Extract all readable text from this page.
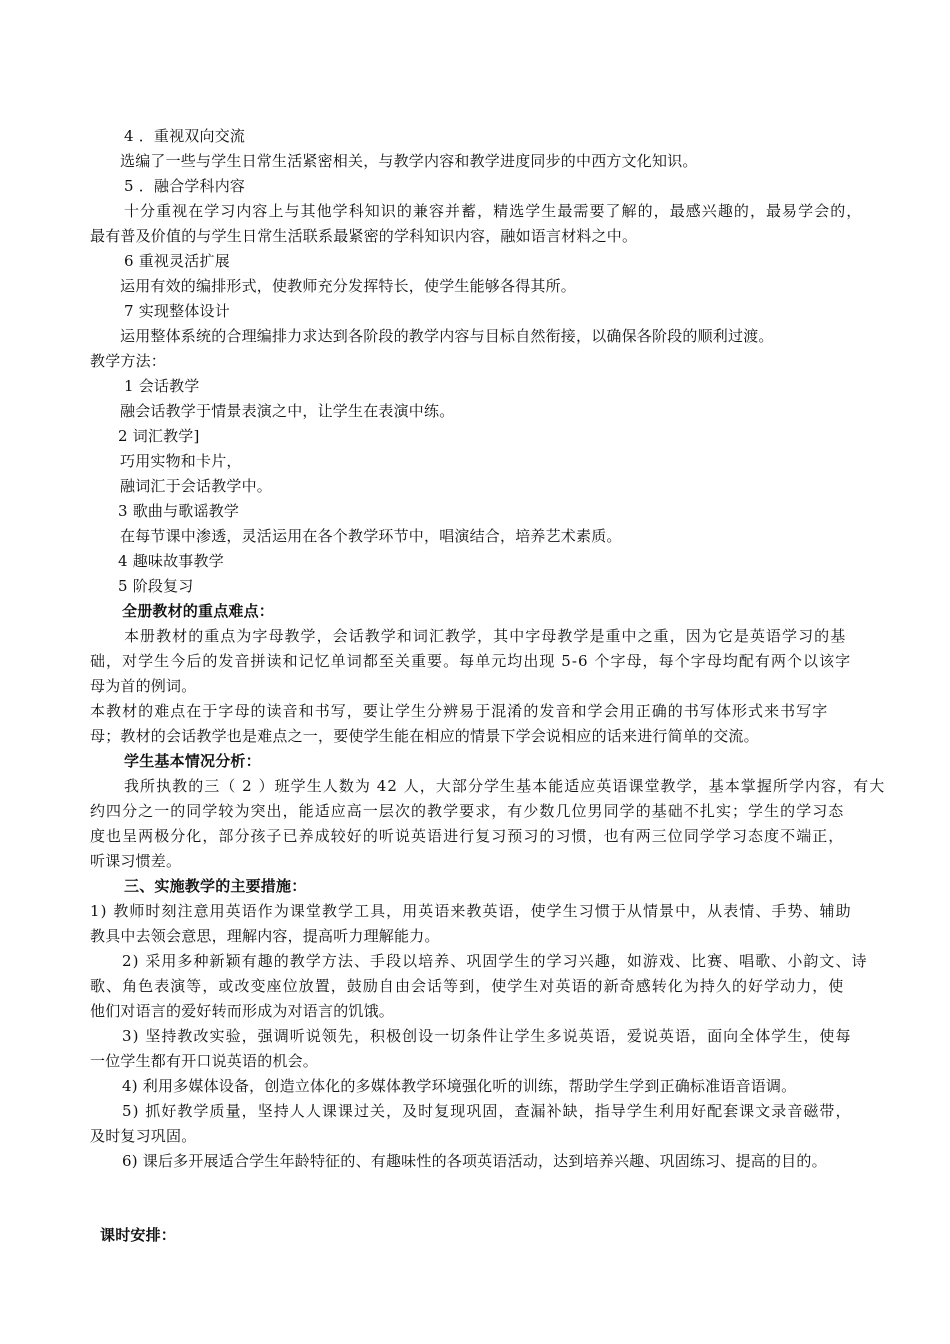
4 ．重视双向交流
选编了一些与学生日常生活紧密相关，与教学内容和教学进度同步的中西方文化知识。
5 ．融合学科内容
十分重视在学习内容上与其他学科知识的兼容并蓄，精选学生最需要了解的，最感兴趣的，最易学会的，
最有普及价值的与学生日常生活联系最紧密的学科知识内容，融如语言材料之中。
6 重视灵活扩展
运用有效的编排形式，使教师充分发挥特长，使学生能够各得其所。
7 实现整体设计
运用整体系统的合理编排力求达到各阶段的教学内容与目标自然衔接，以确保各阶段的顺利过渡。
教学方法：
1 会话教学
融会话教学于情景表演之中，让学生在表演中练。
2 词汇教学]
巧用实物和卡片，
融词汇于会话教学中。
3 歌曲与歌谣教学
在每节课中渗透，灵活运用在各个教学环节中，唱演结合，培养艺术素质。
4 趣味故事教学
5 阶段复习
全册教材的重点难点：
本册教材的重点为字母教学，会话教学和词汇教学，其中字母教学是重中之重，因为它是英语学习的基
础，对学生今后的发音拼读和记忆单词都至关重要。每单元均出现 5-6 个字母，每个字母均配有两个以该字
母为首的例词。
本教材的难点在于字母的读音和书写，要让学生分辨易于混淆的发音和学会用正确的书写体形式来书写字
母；教材的会话教学也是难点之一，要使学生能在相应的情景下学会说相应的话来进行简单的交流。
学生基本情况分析：
我所执教的三（ 2 ）班学生人数为 42 人，大部分学生基本能适应英语课堂教学，基本掌握所学内容，有大
约四分之一的同学较为突出，能适应高一层次的教学要求，有少数几位男同学的基础不扎实；学生的学习态
度也呈两极分化，部分孩子已养成较好的听说英语进行复习预习的习惯，也有两三位同学学习态度不端正，
听课习惯差。
三、实施教学的主要措施：
1) 教师时刻注意用英语作为课堂教学工具，用英语来教英语，使学生习惯于从情景中，从表情、手势、辅助
教具中去领会意思，理解内容，提高听力理解能力。
2) 采用多种新颖有趣的教学方法、手段以培养、巩固学生的学习兴趣，如游戏、比赛、唱歌、小韵文、诗
歌、角色表演等，或改变座位放置，鼓励自由会话等到，使学生对英语的新奇感转化为持久的好学动力，使
他们对语言的爱好转而形成为对语言的饥饿。
3) 坚持教改实验，强调听说领先，积极创设一切条件让学生多说英语，爱说英语，面向全体学生，使每
一位学生都有开口说英语的机会。
4) 利用多媒体设备，创造立体化的多媒体教学环境强化听的训练，帮助学生学到正确标准语音语调。
5) 抓好教学质量，坚持人人课课过关，及时复现巩固，查漏补缺，指导学生利用好配套课文录音磁带，
及时复习巩固。
6) 课后多开展适合学生年龄特征的、有趣味性的各项英语活动，达到培养兴趣、巩固练习、提高的目的。
课时安排：
